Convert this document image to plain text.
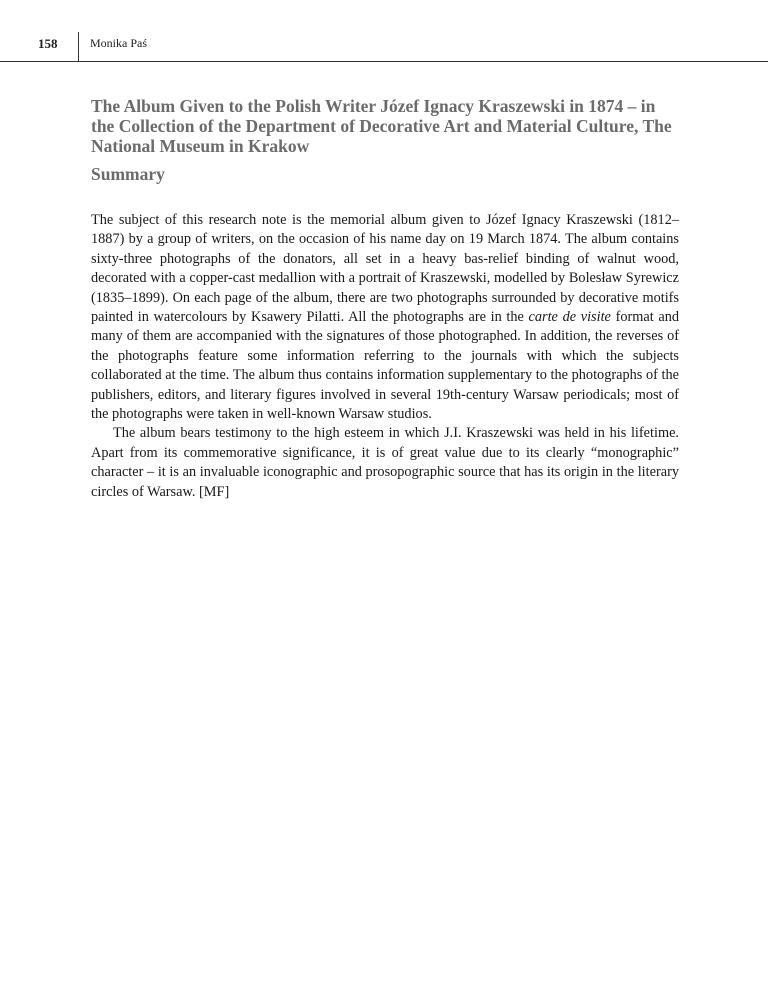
158	Monika Paś
The Album Given to the Polish Writer Józef Ignacy Kraszewski in 1874 – in the Collection of the Department of Decorative Art and Material Culture, The National Museum in Krakow
Summary

The subject of this research note is the memorial album given to Józef Ignacy Kraszewski (1812–1887) by a group of writers, on the occasion of his name day on 19 March 1874. The album contains sixty-three photographs of the donators, all set in a heavy bas-relief binding of walnut wood, decorated with a copper-cast medallion with a portrait of Kraszewski, modelled by Bolesław Syrewicz (1835–1899). On each page of the album, there are two photographs surrounded by decorative motifs painted in watercolours by Ksawery Pilatti. All the photographs are in the carte de visite format and many of them are accompanied with the signatures of those photographed. In addition, the reverses of the photographs feature some information referring to the journals with which the subjects collaborated at the time. The album thus contains information supplementary to the photographs of the publishers, editors, and literary figures involved in several 19th-century Warsaw periodicals; most of the photographs were taken in well-known Warsaw studios.

The album bears testimony to the high esteem in which J.I. Kraszewski was held in his lifetime. Apart from its commemorative significance, it is of great value due to its clearly “monographic” character – it is an invaluable iconographic and prosopographic source that has its origin in the literary circles of Warsaw. [MF]
